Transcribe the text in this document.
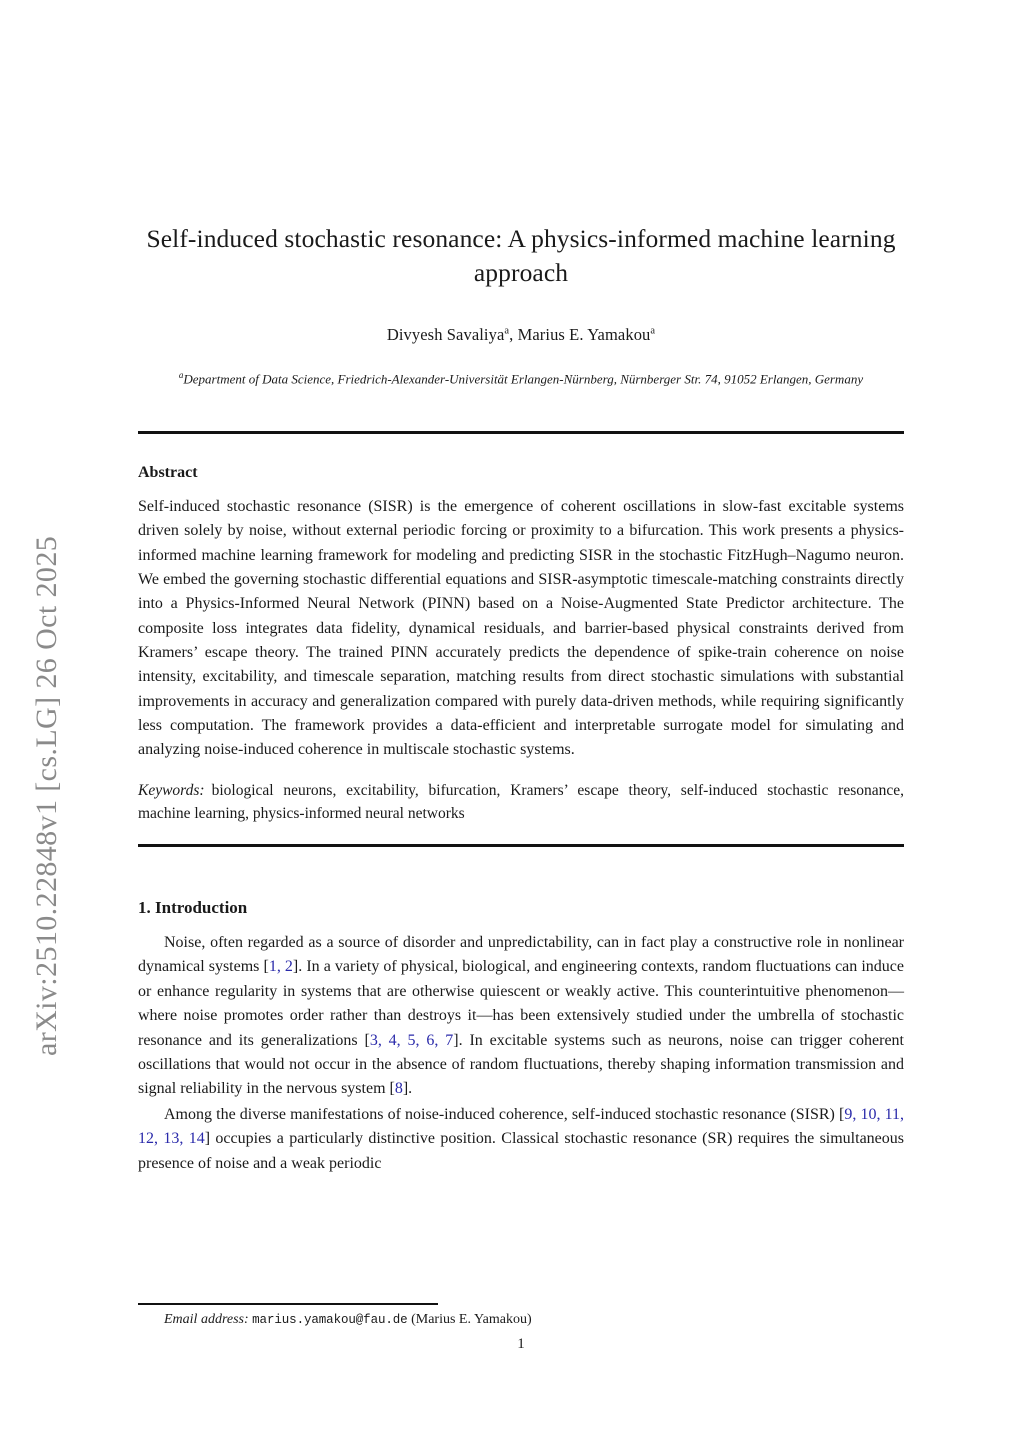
arXiv:2510.22848v1 [cs.LG] 26 Oct 2025
Self-induced stochastic resonance: A physics-informed machine learning approach

Divyesh Savaliya$^a$, Marius E. Yamakou$^a$

$^a$Department of Data Science, Friedrich-Alexander-Universität Erlangen-Nürnberg, Nürnberger Str. 74, 91052 Erlangen, Germany

Abstract

Self-induced stochastic resonance (SISR) is the emergence of coherent oscillations in slow-fast excitable systems driven solely by noise, without external periodic forcing or proximity to a bifurcation. This work presents a physics-informed machine learning framework for modeling and predicting SISR in the stochastic FitzHugh–Nagumo neuron. We embed the governing stochastic differential equations and SISR-asymptotic timescale-matching constraints directly into a Physics-Informed Neural Network (PINN) based on a Noise-Augmented State Predictor architecture. The composite loss integrates data fidelity, dynamical residuals, and barrier-based physical constraints derived from Kramers’ escape theory. The trained PINN accurately predicts the dependence of spike-train coherence on noise intensity, excitability, and timescale separation, matching results from direct stochastic simulations with substantial improvements in accuracy and generalization compared with purely data-driven methods, while requiring significantly less computation. The framework provides a data-efficient and interpretable surrogate model for simulating and analyzing noise-induced coherence in multiscale stochastic systems.

Keywords: biological neurons, excitability, bifurcation, Kramers’ escape theory, self-induced stochastic resonance, machine learning, physics-informed neural networks

1. Introduction

Noise, often regarded as a source of disorder and unpredictability, can in fact play a constructive role in nonlinear dynamical systems [1, 2]. In a variety of physical, biological, and engineering contexts, random fluctuations can induce or enhance regularity in systems that are otherwise quiescent or weakly active. This counterintuitive phenomenon—where noise promotes order rather than destroys it—has been extensively studied under the umbrella of stochastic resonance and its generalizations [3, 4, 5, 6, 7]. In excitable systems such as neurons, noise can trigger coherent oscillations that would not occur in the absence of random fluctuations, thereby shaping information transmission and signal reliability in the nervous system [8].

Among the diverse manifestations of noise-induced coherence, self-induced stochastic resonance (SISR) [9, 10, 11, 12, 13, 14] occupies a particularly distinctive position. Classical stochastic resonance (SR) requires the simultaneous presence of noise and a weak periodic

Email address: marius.yamakou@fau.de (Marius E. Yamakou)
1
